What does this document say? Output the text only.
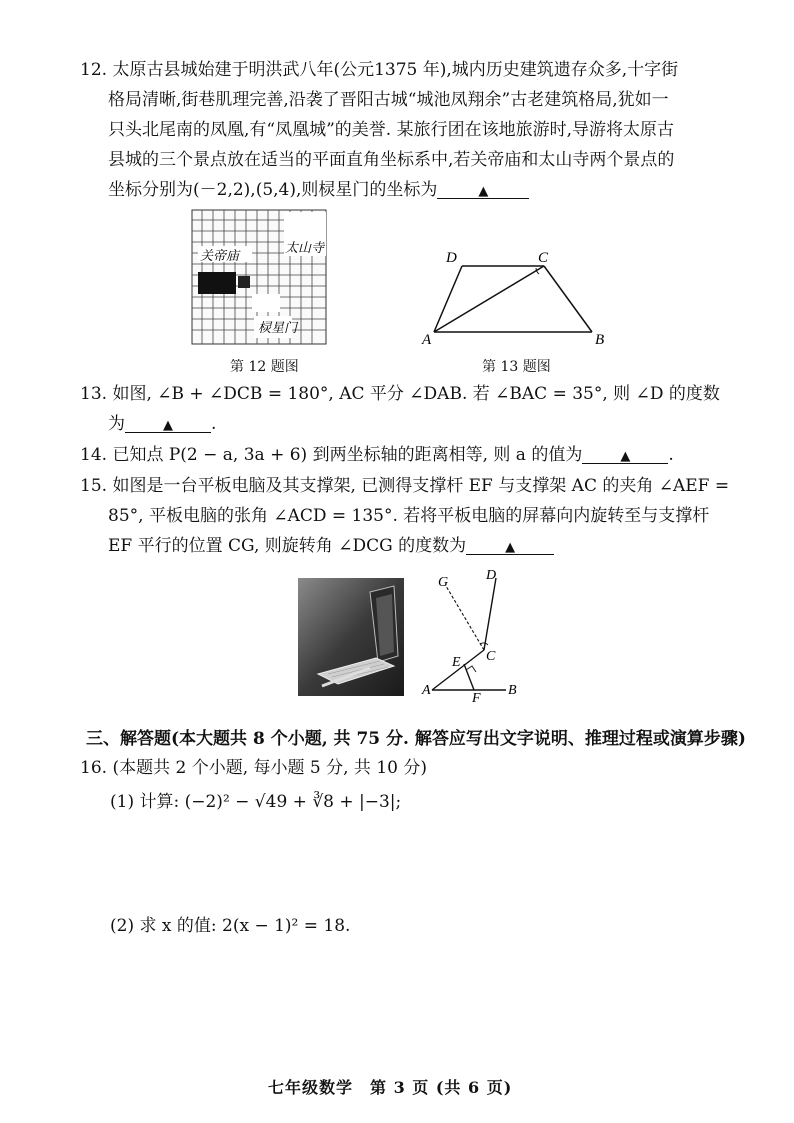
12. 太原古县城始建于明洪武八年(公元1375 年),城内历史建筑遗存众多,十字街
格局清晰,街巷肌理完善,沿袭了晋阳古城“城池凤翔余”古老建筑格局,犹如一
只头北尾南的凤凰,有“凤凰城”的美誉. 某旅行团在该地旅游时,导游将太原古
县城的三个景点放在适当的平面直角坐标系中,若关帝庙和太山寺两个景点的
坐标分别为(－2,2),(5,4),则棂星门的坐标为	▲
关帝庙
太山寺
棂星门
第 12 题图
D	C
A	B
第 13 题图
13. 如图, ∠B + ∠DCB = 180°, AC 平分 ∠DAB. 若 ∠BAC = 35°, 则 ∠D 的度数
为	▲ .
14. 已知点 P(2 − a, 3a + 6) 到两坐标轴的距离相等, 则 a 的值为	▲ .
15. 如图是一台平板电脑及其支撑架, 已测得支撑杆 EF 与支撑架 AC 的夹角 ∠AEF =
85°, 平板电脑的张角 ∠ACD = 135°. 若将平板电脑的屏幕向内旋转至与支撑杆
EF 平行的位置 CG, 则旋转角 ∠DCG 的度数为	▲
G	D
C
E
A
F
B
三、解答题(本大题共 8 个小题, 共 75 分. 解答应写出文字说明、推理过程或演算步骤)
16. (本题共 2 个小题, 每小题 5 分, 共 10 分)
(1) 计算: (−2)² − √49 + ∛8 + |−3|;
(2) 求 x 的值: 2(x − 1)² = 18.
七年级数学　第 3 页 (共 6 页)
